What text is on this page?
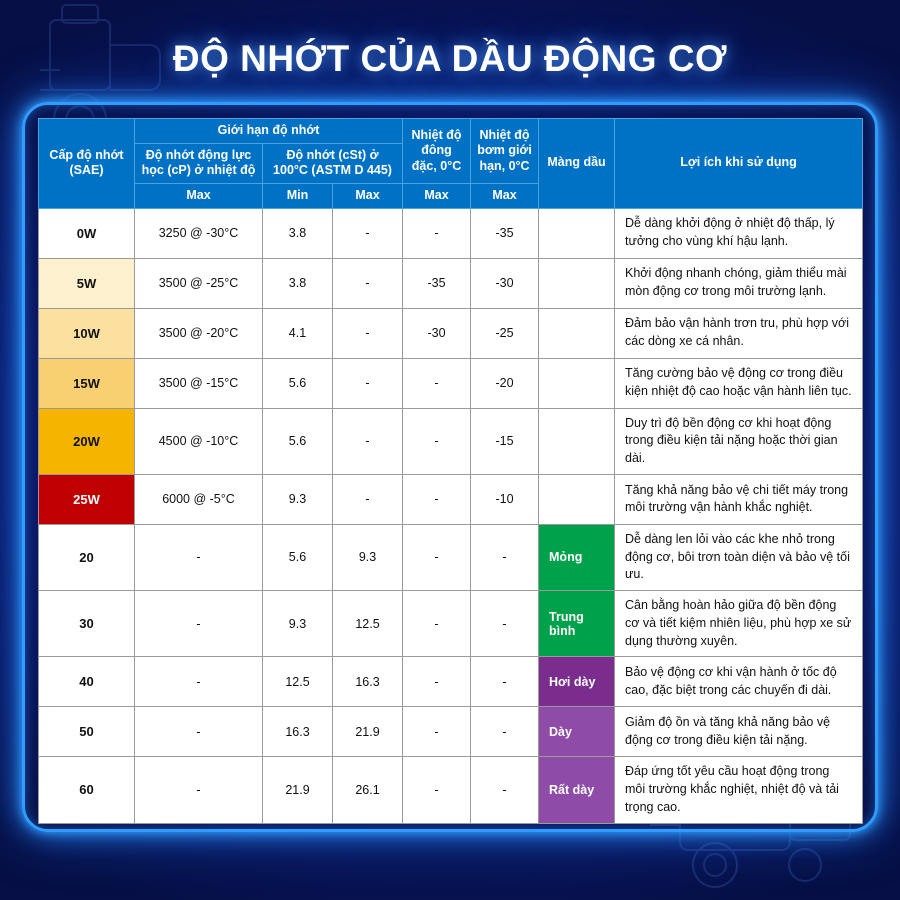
ĐỘ NHỚT CỦA DẦU ĐỘNG CƠ
Cấp độ nhớt (SAE)	Giới hạn độ nhớt			Nhiệt độ đông đặc, 0°C	Nhiệt độ bơm giới hạn, 0°C	Màng dầu	Lợi ích khi sử dụng
	Độ nhớt động lực học (cP) ở nhiệt độ	Độ nhớt (cSt) ở 100°C (ASTM D 445)					
	Max	Min	Max	Max	Max		
0W	3250 @ -30°C	3.8	-	-	-35		Dễ dàng khởi động ở nhiệt độ thấp, lý tưởng cho vùng khí hậu lạnh.
5W	3500 @ -25°C	3.8	-	-35	-30		Khởi động nhanh chóng, giảm thiểu mài mòn động cơ trong môi trường lạnh.
10W	3500 @ -20°C	4.1	-	-30	-25		Đảm bảo vận hành trơn tru, phù hợp với các dòng xe cá nhân.
15W	3500 @ -15°C	5.6	-	-	-20		Tăng cường bảo vệ động cơ trong điều kiện nhiệt độ cao hoặc vận hành liên tục.
20W	4500 @ -10°C	5.6	-	-	-15		Duy trì độ bền động cơ khi hoạt động trong điều kiện tải nặng hoặc thời gian dài.
25W	6000 @ -5°C	9.3	-	-	-10		Tăng khả năng bảo vệ chi tiết máy trong môi trường vận hành khắc nghiệt.
20	-	5.6	9.3	-	-	Mỏng	Dễ dàng len lỏi vào các khe nhỏ trong động cơ, bôi trơn toàn diện và bảo vệ tối ưu.
30	-	9.3	12.5	-	-	Trung bình	Cân bằng hoàn hảo giữa độ bền động cơ và tiết kiệm nhiên liệu, phù hợp xe sử dụng thường xuyên.
40	-	12.5	16.3	-	-	Hơi dày	Bảo vệ động cơ khi vận hành ở tốc độ cao, đặc biệt trong các chuyến đi dài.
50	-	16.3	21.9	-	-	Dày	Giảm độ ồn và tăng khả năng bảo vệ động cơ trong điều kiện tải nặng.
60	-	21.9	26.1	-	-	Rất dày	Đáp ứng tốt yêu cầu hoạt động trong môi trường khắc nghiệt, nhiệt độ và tải trọng cao.
